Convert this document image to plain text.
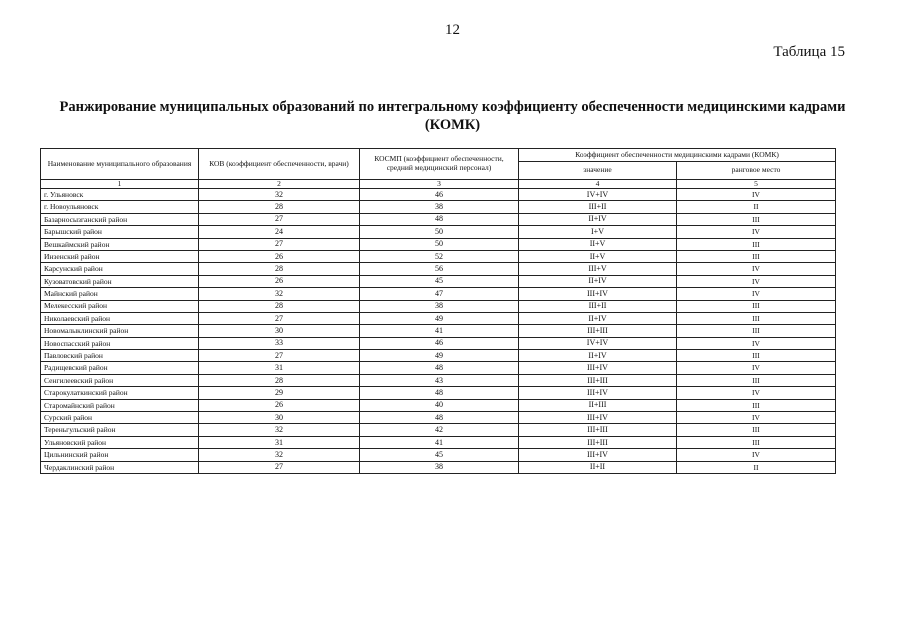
12
Таблица 15
Ранжирование муниципальных образований по интегральному коэффициенту обеспеченности медицинскими кадрами (КОМК)
Наименование муниципального образования	КОВ (коэффициент обеспеченности, врачи)	КОСМП (коэффициент обеспеченности, средний медицинский персонал)	Коэффициент обеспеченности медицинскими кадрами (КОМК)	
			значение	ранговое место
1	2	3	4	5
г. Ульяновск	32	46	IV+IV	IV
г. Новоульяновск	28	38	III+II	II
Базарносызганский район	27	48	II+IV	III
Барышский район	24	50	I+V	IV
Вешкаймский район	27	50	II+V	III
Инзенский район	26	52	II+V	III
Карсунский район	28	56	III+V	IV
Кузоватовский район	26	45	II+IV	IV
Майнский район	32	47	III+IV	IV
Мелекесский район	28	38	III+II	III
Николаевский район	27	49	II+IV	III
Новомалыклинский район	30	41	III+III	III
Новоспасский район	33	46	IV+IV	IV
Павловский район	27	49	II+IV	III
Радищевский район	31	48	III+IV	IV
Сенгилеевский район	28	43	III+III	III
Старокулаткинский район	29	48	III+IV	IV
Старомайнский район	26	40	II+III	III
Сурский район	30	48	III+IV	IV
Тереньгульский район	32	42	III+III	III
Ульяновский район	31	41	III+III	III
Цильнинский район	32	45	III+IV	IV
Чердаклинский район	27	38	II+II	II
